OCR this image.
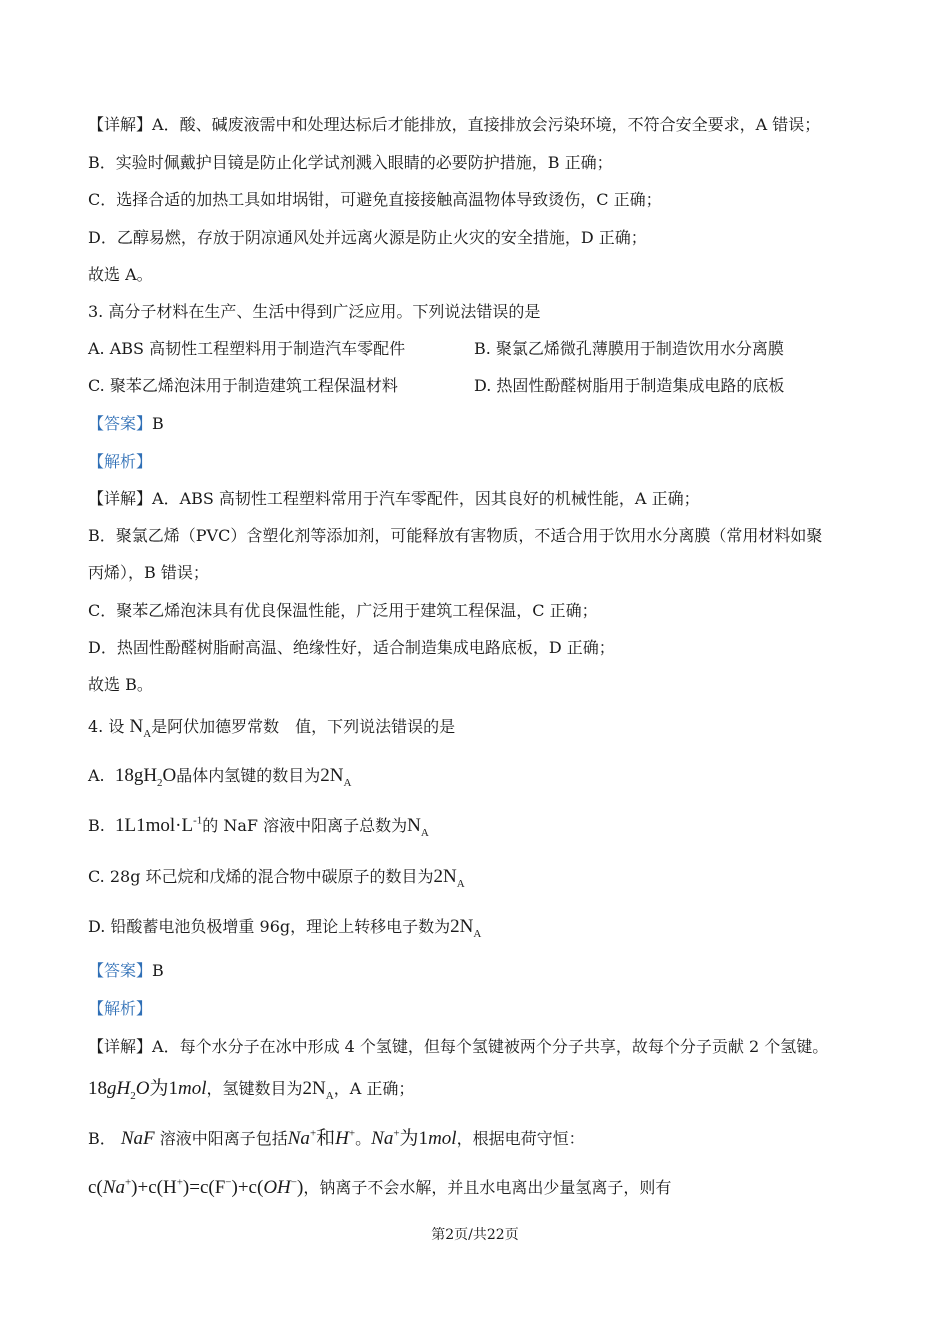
【详解】A．酸、碱废液需中和处理达标后才能排放，直接排放会污染环境，不符合安全要求，A 错误；
B．实验时佩戴护目镜是防止化学试剂溅入眼睛的必要防护措施，B 正确；
C．选择合适的加热工具如坩埚钳，可避免直接接触高温物体导致烫伤，C 正确；
D．乙醇易燃，存放于阴凉通风处并远离火源是防止火灾的安全措施，D 正确；
故选 A。
3. 高分子材料在生产、生活中得到广泛应用。下列说法错误的是
A. ABS 高韧性工程塑料用于制造汽车零配件	B. 聚氯乙烯微孔薄膜用于制造饮用水分离膜
C. 聚苯乙烯泡沫用于制造建筑工程保温材料	D. 热固性酚醛树脂用于制造集成电路的底板
【答案】B
【解析】
【详解】A．ABS 高韧性工程塑料常用于汽车零配件，因其良好的机械性能，A 正确；
B．聚氯乙烯（PVC）含塑化剂等添加剂，可能释放有害物质，不适合用于饮用水分离膜（常用材料如聚
丙烯），B 错误；
C．聚苯乙烯泡沫具有优良保温性能，广泛用于建筑工程保温，C 正确；
D．热固性酚醛树脂耐高温、绝缘性好，适合制造集成电路底板，D 正确；
故选 B。
4. 设 $N_A$是阿伏加德罗常数　值，下列说法错误的是
A. $18gH_2O$晶体内氢键的数目为$2N_A$
B. $1L1mol\cdot L^{-1}$的 NaF 溶液中阳离子总数为$N_A$
C. 28g 环己烷和戊烯的混合物中碳原子的数目为$2N_A$
D. 铅酸蓄电池负极增重 96g，理论上转移电子数为$2N_A$
【答案】B
【解析】
【详解】A．每个水分子在冰中形成 4 个氢键，但每个氢键被两个分子共享，故每个分子贡献 2 个氢键。
$18gH_2O$为1mol，氢键数目为$2N_A$，A 正确；
B． NaF 溶液中阳离子包括Na+和H+。Na+为1mol，根据电荷守恒：
c(Na+)+c(H+)=c(F−)+c(OH−)，钠离子不会水解，并且水电离出少量氢离子，则有
第2页/共22页
